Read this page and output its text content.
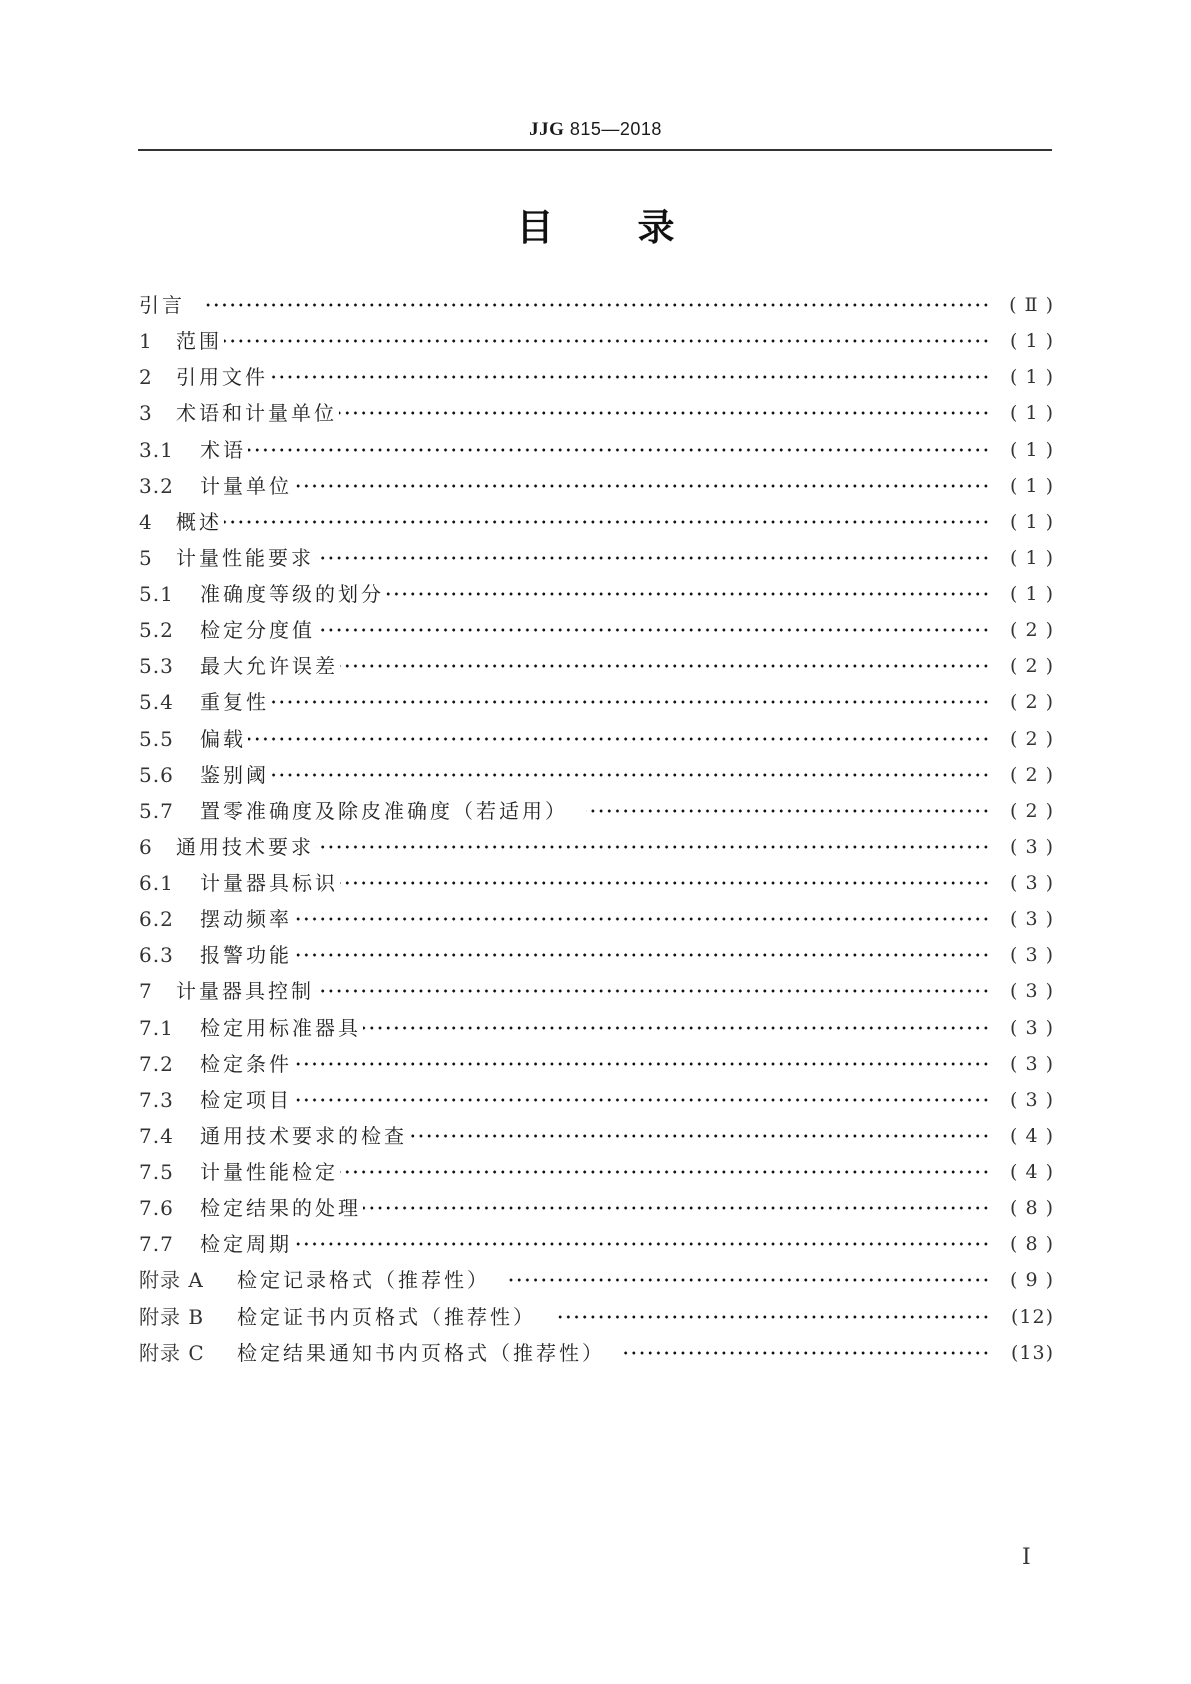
JJG 815—2018
目 录
引言	( Ⅱ )
1	范围	( 1 )
2	引用文件	( 1 )
3	术语和计量单位	( 1 )
3.1	术语	( 1 )
3.2	计量单位	( 1 )
4	概述	( 1 )
5	计量性能要求	( 1 )
5.1	准确度等级的划分	( 1 )
5.2	检定分度值	( 2 )
5.3	最大允许误差	( 2 )
5.4	重复性	( 2 )
5.5	偏载	( 2 )
5.6	鉴别阈	( 2 )
5.7	置零准确度及除皮准确度（若适用）	( 2 )
6	通用技术要求	( 3 )
6.1	计量器具标识	( 3 )
6.2	摆动频率	( 3 )
6.3	报警功能	( 3 )
7	计量器具控制	( 3 )
7.1	检定用标准器具	( 3 )
7.2	检定条件	( 3 )
7.3	检定项目	( 3 )
7.4	通用技术要求的检查	( 4 )
7.5	计量性能检定	( 4 )
7.6	检定结果的处理	( 8 )
7.7	检定周期	( 8 )
附录 A	检定记录格式（推荐性）	( 9 )
附录 B	检定证书内页格式（推荐性）	(12)
附录 C	检定结果通知书内页格式（推荐性）	(13)
I
